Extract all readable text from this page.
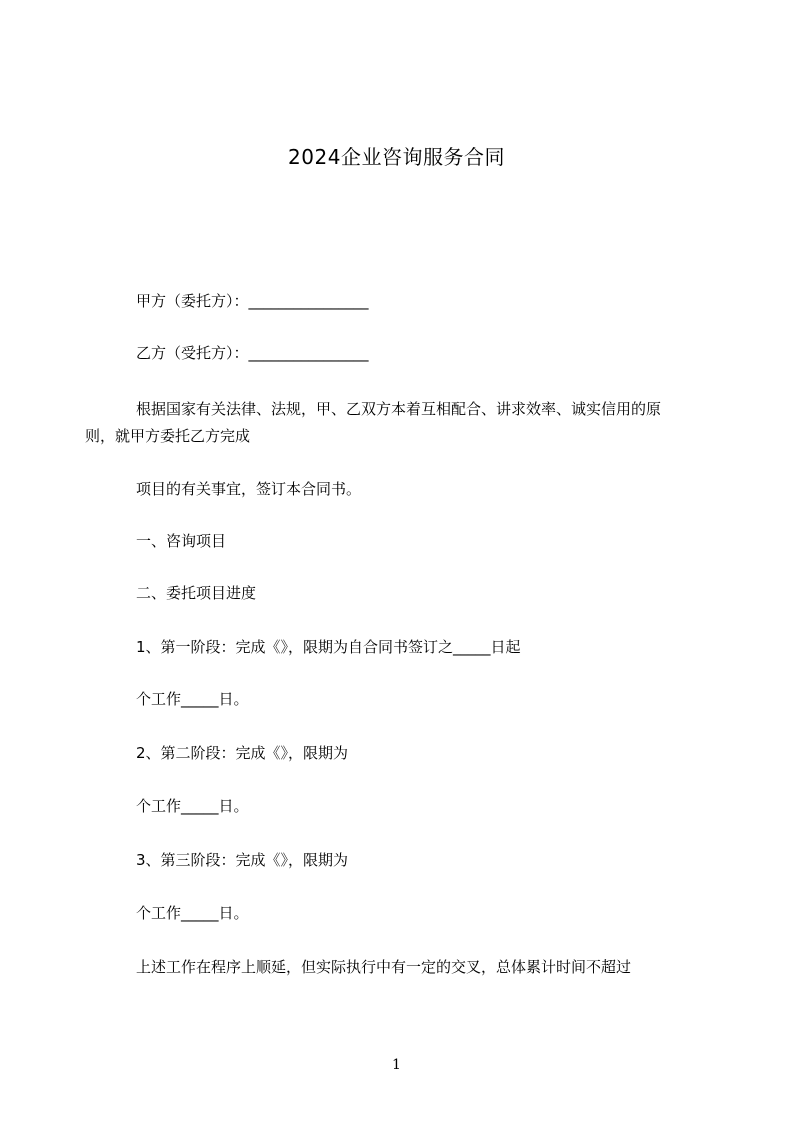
2024企业咨询服务合同
甲方（委托方）：________________
乙方（受托方）：________________
根据国家有关法律、法规，甲、乙双方本着互相配合、讲求效率、诚实信用的原
则，就甲方委托乙方完成
项目的有关事宜，签订本合同书。
一、咨询项目
二、委托项目进度
1、第一阶段：完成《》，限期为自合同书签订之_____日起
个工作_____日。
2、第二阶段：完成《》，限期为
个工作_____日。
3、第三阶段：完成《》，限期为
个工作_____日。
上述工作在程序上顺延，但实际执行中有一定的交叉，总体累计时间不超过
1
